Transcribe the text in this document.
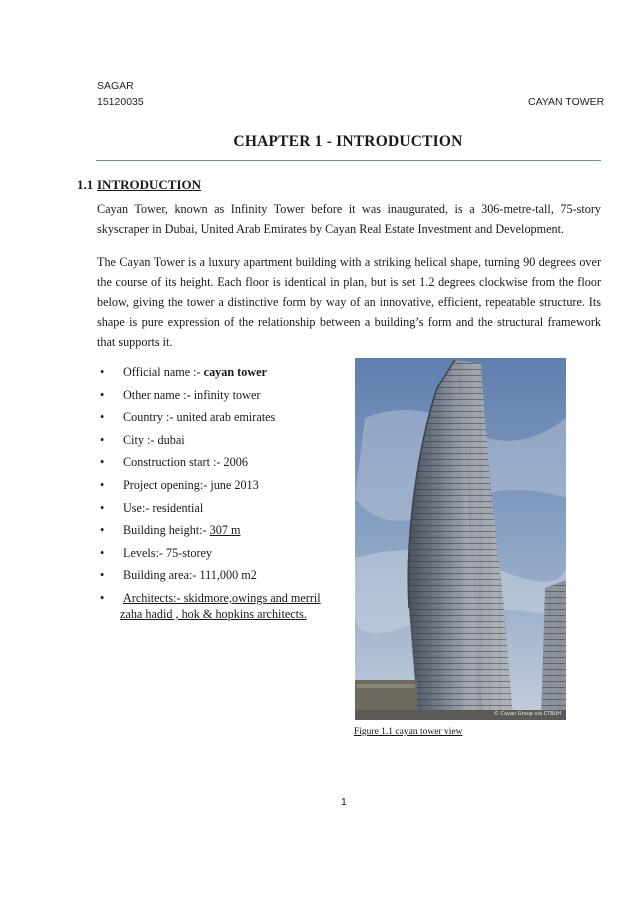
SAGAR
15120035	CAYAN TOWER
CHAPTER 1 - INTRODUCTION
1.1 INTRODUCTION

Cayan Tower, known as Infinity Tower before it was inaugurated, is a 306-metre-tall, 75-story skyscraper in Dubai, United Arab Emirates by Cayan Real Estate Investment and Development.

The Cayan Tower is a luxury apartment building with a striking helical shape, turning 90 degrees over the course of its height. Each floor is identical in plan, but is set 1.2 degrees clockwise from the floor below, giving the tower a distinctive form by way of an innovative, efficient, repeatable structure. Its shape is pure expression of the relationship between a building’s form and the structural framework that supports it.

• Official name :- cayan tower
• Other name :- infinity tower
• Country :- united arab emirates
• City :- dubai
• Construction start :- 2006
• Project opening:- june 2013
• Use:- residential
• Building height:- 307 m
• Levels:- 75-storey
• Building area:- 111,000 m2
• Architects:- skidmore,owings and merril
zaha hadid , hok & hopkins architects.
© Cayan Group via CTBUH
Figure 1.1 cayan tower view
1
